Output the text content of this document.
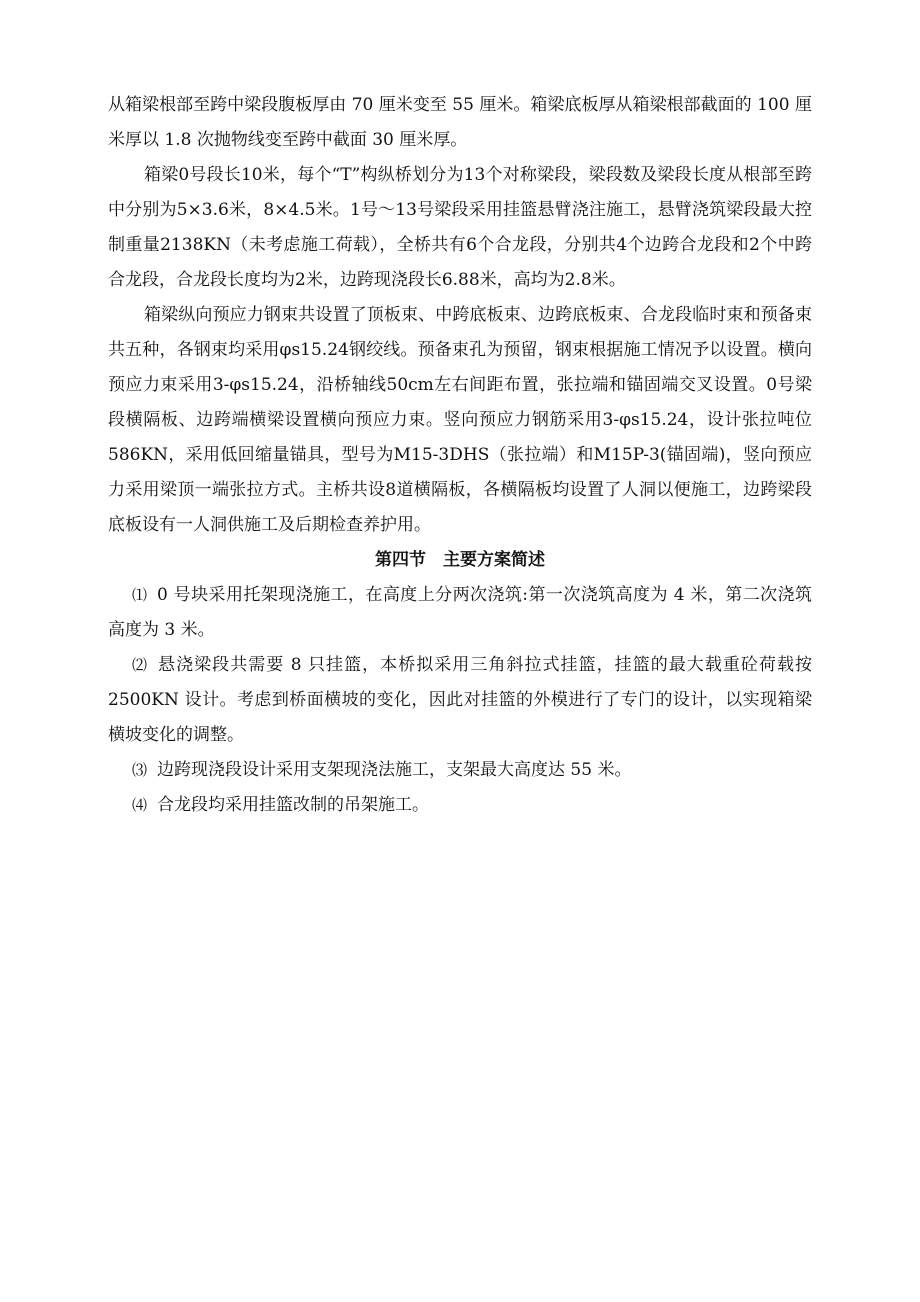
从箱梁根部至跨中梁段腹板厚由 70 厘米变至 55 厘米。箱梁底板厚从箱梁根部截面的 100 厘米厚以 1.8 次抛物线变至跨中截面 30 厘米厚。

箱梁0号段长10米，每个“T”构纵桥划分为13个对称梁段，梁段数及梁段长度从根部至跨中分别为5×3.6米，8×4.5米。1号～13号梁段采用挂篮悬臂浇注施工，悬臂浇筑梁段最大控制重量2138KN（未考虑施工荷载），全桥共有6个合龙段，分别共4个边跨合龙段和2个中跨合龙段，合龙段长度均为2米，边跨现浇段长6.88米，高均为2.8米。

箱梁纵向预应力钢束共设置了顶板束、中跨底板束、边跨底板束、合龙段临时束和预备束共五种，各钢束均采用φs15.24钢绞线。预备束孔为预留，钢束根据施工情况予以设置。横向预应力束采用3-φs15.24，沿桥轴线50cm左右间距布置，张拉端和锚固端交叉设置。0号梁段横隔板、边跨端横梁设置横向预应力束。竖向预应力钢筋采用3-φs15.24，设计张拉吨位586KN，采用低回缩量锚具，型号为M15-3DHS（张拉端）和M15P-3(锚固端)，竖向预应力采用梁顶一端张拉方式。主桥共设8道横隔板，各横隔板均设置了人洞以便施工，边跨梁段底板设有一人洞供施工及后期检查养护用。

第四节　主要方案简述

⑴ 0 号块采用托架现浇施工，在高度上分两次浇筑:第一次浇筑高度为 4 米，第二次浇筑高度为 3 米。

⑵ 悬浇梁段共需要 8 只挂篮，本桥拟采用三角斜拉式挂篮，挂篮的最大载重砼荷载按 2500KN 设计。考虑到桥面横坡的变化，因此对挂篮的外模进行了专门的设计，以实现箱梁横坡变化的调整。

⑶ 边跨现浇段设计采用支架现浇法施工，支架最大高度达 55 米。

⑷ 合龙段均采用挂篮改制的吊架施工。
